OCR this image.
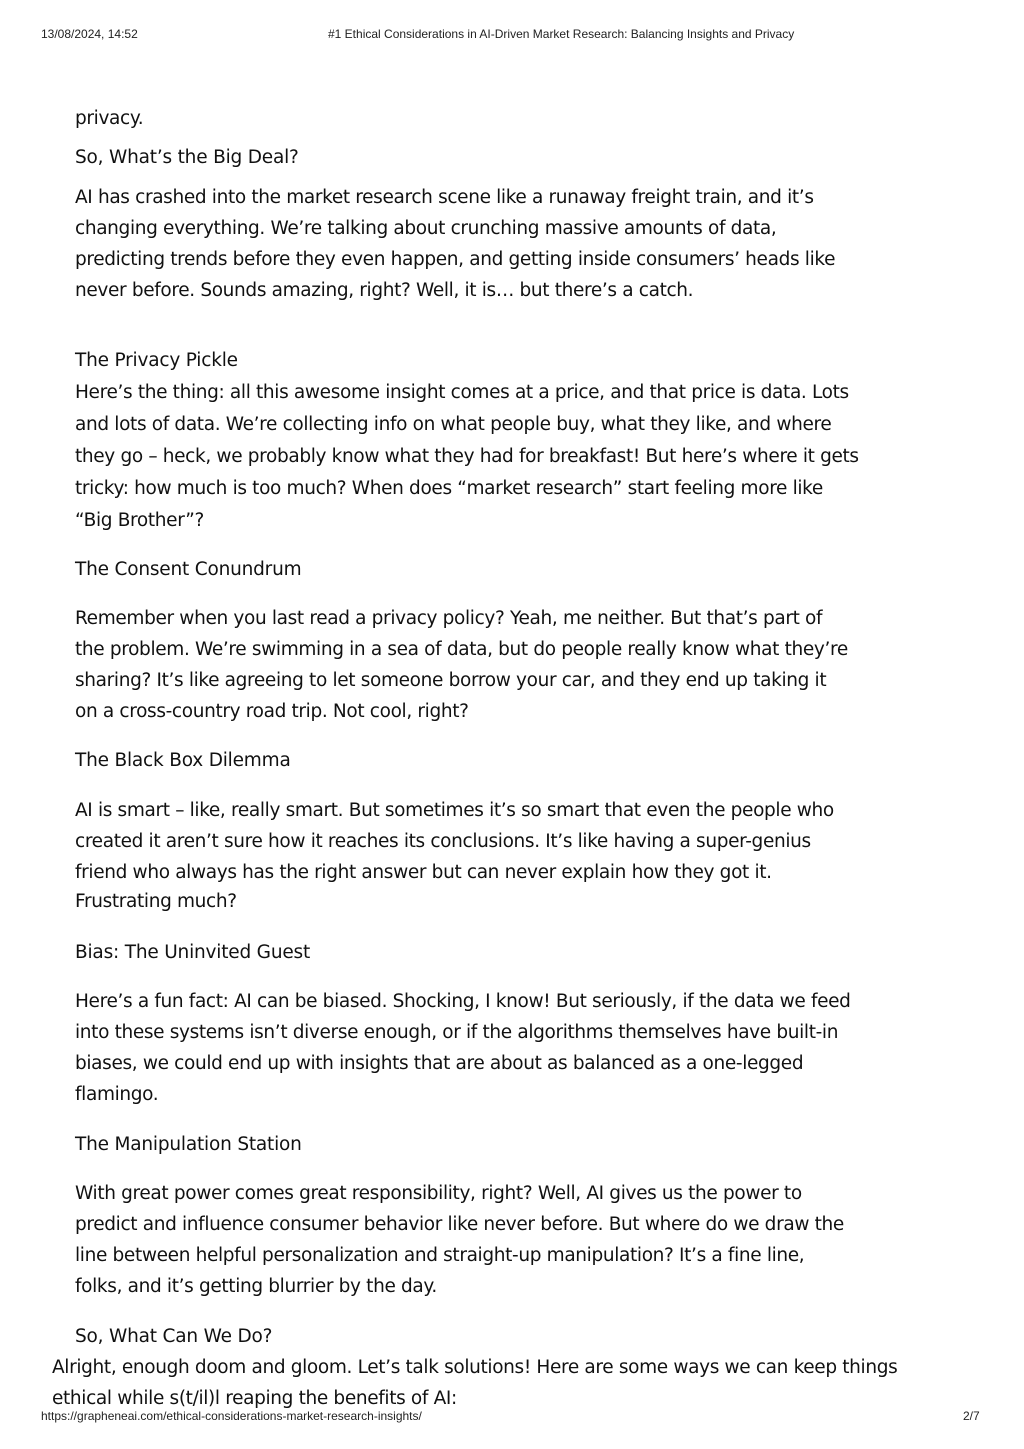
13/08/2024, 14:52	#1 Ethical Considerations in AI-Driven Market Research: Balancing Insights and Privacy

privacy.

So, What’s the Big Deal?

AI has crashed into the market research scene like a runaway freight train, and it’s

changing everything. We’re talking about crunching massive amounts of data,

predicting trends before they even happen, and getting inside consumers’ heads like

never before. Sounds amazing, right? Well, it is… but there’s a catch.

The Privacy Pickle

Here’s the thing: all this awesome insight comes at a price, and that price is data. Lots

and lots of data. We’re collecting info on what people buy, what they like, and where

they go – heck, we probably know what they had for breakfast! But here’s where it gets

tricky: how much is too much? When does “market research” start feeling more like

“Big Brother”?

The Consent Conundrum

Remember when you last read a privacy policy? Yeah, me neither. But that’s part of

the problem. We’re swimming in a sea of data, but do people really know what they’re

sharing? It’s like agreeing to let someone borrow your car, and they end up taking it

on a cross-country road trip. Not cool, right?

The Black Box Dilemma

AI is smart – like, really smart. But sometimes it’s so smart that even the people who

created it aren’t sure how it reaches its conclusions. It’s like having a super-genius

friend who always has the right answer but can never explain how they got it.

Frustrating much?

Bias: The Uninvited Guest

Here’s a fun fact: AI can be biased. Shocking, I know! But seriously, if the data we feed

into these systems isn’t diverse enough, or if the algorithms themselves have built-in

biases, we could end up with insights that are about as balanced as a one-legged

flamingo.

The Manipulation Station

With great power comes great responsibility, right? Well, AI gives us the power to

predict and influence consumer behavior like never before. But where do we draw the

line between helpful personalization and straight-up manipulation? It’s a fine line,

folks, and it’s getting blurrier by the day.

So, What Can We Do?

Alright, enough doom and gloom. Let’s talk solutions! Here are some ways we can keep things

ethical while s(t/il)l reaping the benefits of AI:

https://grapheneai.com/ethical-considerations-market-research-insights/	2/7
